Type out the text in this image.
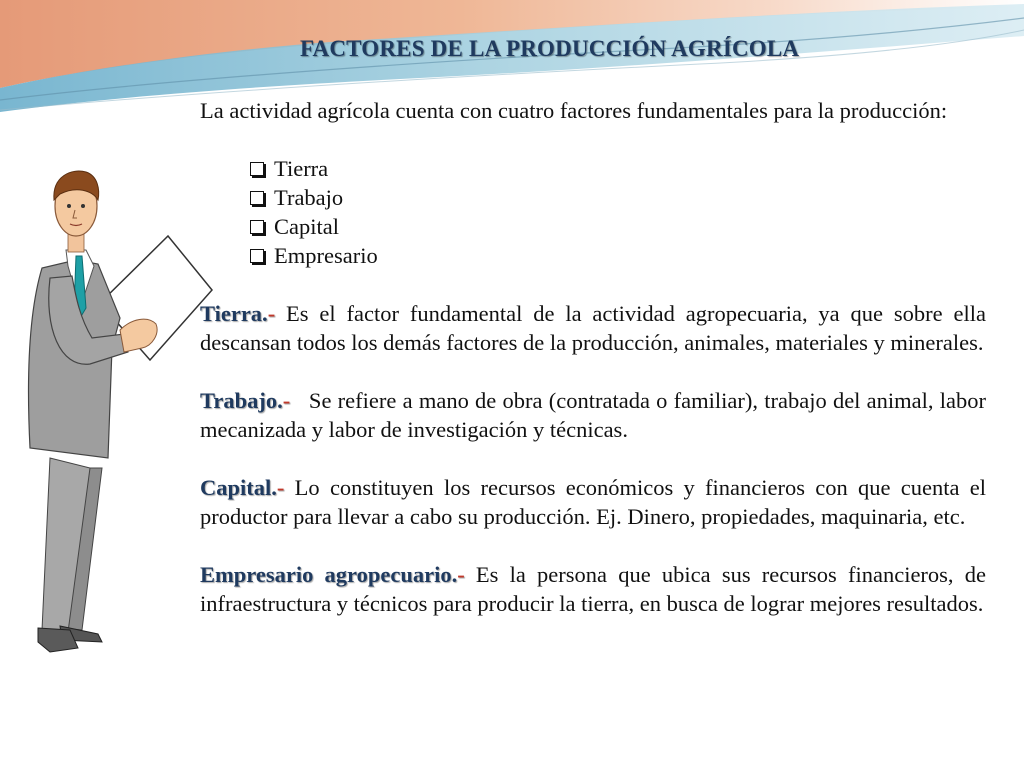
FACTORES DE LA PRODUCCIÓN AGRÍCOLA

La actividad agrícola cuenta con cuatro factores fundamentales para la producción:

Tierra
Trabajo
Capital
Empresario

Tierra.- Es el factor fundamental de la actividad agropecuaria, ya que sobre ella descansan todos los demás factores de la producción, animales, materiales y minerales.

Trabajo.-   Se refiere a mano de obra (contratada o familiar), trabajo del animal, labor mecanizada y labor de investigación y técnicas.

Capital.- Lo constituyen los recursos económicos y financieros con que cuenta el productor para llevar a cabo su producción. Ej. Dinero, propiedades, maquinaria, etc.

Empresario agropecuario.- Es la persona que ubica sus recursos financieros, de infraestructura y técnicos para producir la tierra, en busca de lograr mejores resultados.
